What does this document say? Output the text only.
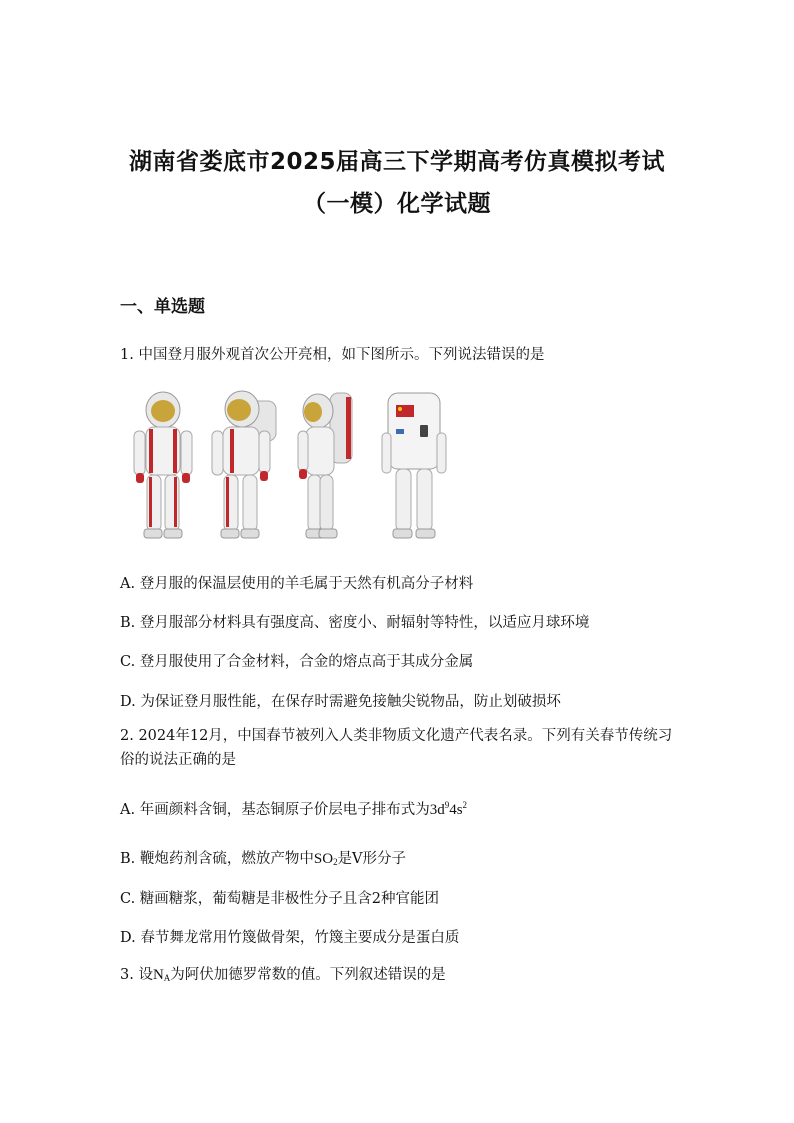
湖南省娄底市2025届高三下学期高考仿真模拟考试
（一模）化学试题
一、单选题
1. 中国登月服外观首次公开亮相，如下图所示。下列说法错误的是
A. 登月服的保温层使用的羊毛属于天然有机高分子材料
B. 登月服部分材料具有强度高、密度小、耐辐射等特性，以适应月球环境
C. 登月服使用了合金材料，合金的熔点高于其成分金属
D. 为保证登月服性能，在保存时需避免接触尖锐物品，防止划破损坏
2. 2024年12月，中国春节被列入人类非物质文化遗产代表名录。下列有关春节传统习俗的说法正确的是
A. 年画颜料含铜，基态铜原子价层电子排布式为$3d^94s^2$
B. 鞭炮药剂含硫，燃放产物中$SO_2$是Ⅴ形分子
C. 糖画糖浆，葡萄糖是非极性分子且含2种官能团
D. 春节舞龙常用竹篾做骨架，竹篾主要成分是蛋白质
3. 设$N_A$为阿伏加德罗常数的值。下列叙述错误的是
